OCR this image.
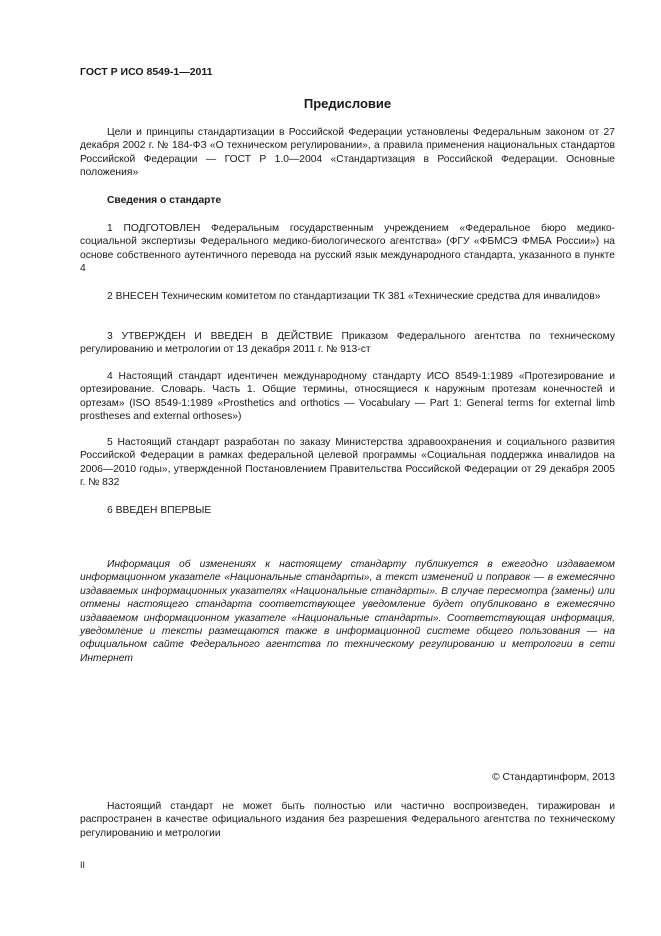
ГОСТ Р ИСО 8549-1—2011

Предисловие

Цели и принципы стандартизации в Российской Федерации установлены Федеральным законом от 27 декабря 2002 г. № 184-ФЗ «О техническом регулировании», а правила применения национальных стандартов Российской Федерации — ГОСТ Р 1.0—2004 «Стандартизация в Российской Федерации. Основные положения»

Сведения о стандарте

1 ПОДГОТОВЛЕН Федеральным государственным учреждением «Федеральное бюро медико-социальной экспертизы Федерального медико-биологического агентства» (ФГУ «ФБМСЭ ФМБА России») на основе собственного аутентичного перевода на русский язык международного стандарта, указанного в пункте 4

2 ВНЕСЕН Техническим комитетом по стандартизации ТК 381 «Технические средства для инвалидов»

3 УТВЕРЖДЕН И ВВЕДЕН В ДЕЙСТВИЕ Приказом Федерального агентства по техническому регулированию и метрологии от 13 декабря 2011 г. № 913-ст

4 Настоящий стандарт идентичен международному стандарту ИСО 8549-1:1989 «Протезирование и ортезирование. Словарь. Часть 1. Общие термины, относящиеся к наружным протезам конечностей и ортезам» (ISO 8549-1:1989 «Prosthetics and orthotics — Vocabulary — Part 1: General terms for external limb prostheses and external orthoses»)

5 Настоящий стандарт разработан по заказу Министерства здравоохранения и социального развития Российской Федерации в рамках федеральной целевой программы «Социальная поддержка инвалидов на 2006—2010 годы», утвержденной Постановлением Правительства Российской Федерации от 29 декабря 2005 г. № 832

6 ВВЕДЕН ВПЕРВЫЕ

Информация об изменениях к настоящему стандарту публикуется в ежегодно издаваемом информационном указателе «Национальные стандарты», а текст изменений и поправок — в ежемесячно издаваемых информационных указателях «Национальные стандарты». В случае пересмотра (замены) или отмены настоящего стандарта соответствующее уведомление будет опубликовано в ежемесячно издаваемом информационном указателе «Национальные стандарты». Соответствующая информация, уведомление и тексты размещаются также в информационной системе общего пользования — на официальном сайте Федерального агентства по техническому регулированию и метрологии в сети Интернет

© Стандартинформ, 2013

Настоящий стандарт не может быть полностью или частично воспроизведен, тиражирован и распространен в качестве официального издания без разрешения Федерального агентства по техническому регулированию и метрологии

II
